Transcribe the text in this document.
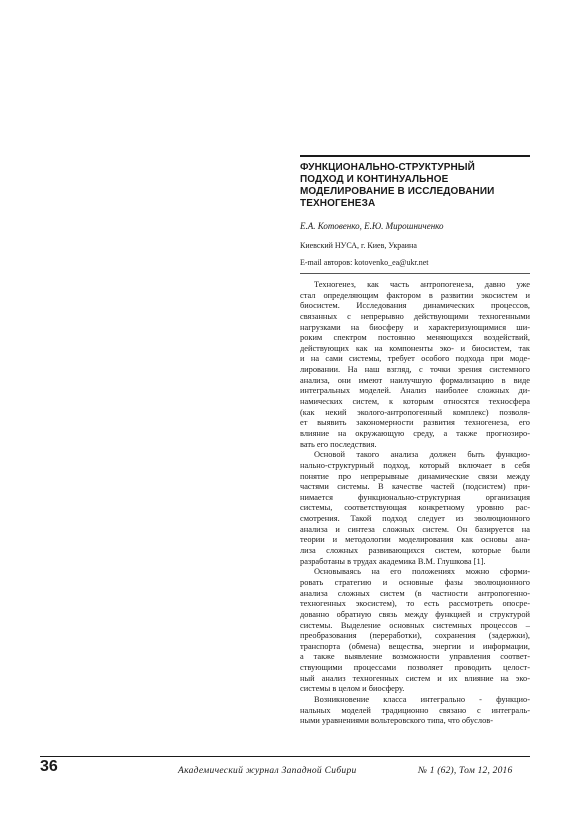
ФУНКЦИОНАЛЬНО-СТРУКТУРНЫЙ
ПОДХОД И КОНТИНУАЛЬНОЕ
МОДЕЛИРОВАНИЕ В ИССЛЕДОВАНИИ
ТЕХНОГЕНЕЗА
Е.А. Котовенко, Е.Ю. Мирошниченко
Киевский НУСА, г. Киев, Украина
E-mail авторов: kotovenko_ea@ukr.net

Техногенез, как часть антропогенеза, давно уже
стал определяющим фактором в развитии экосистем и
биосистем. Исследования динамических процессов,
связанных с непрерывно действующими техногенными
нагрузками на биосферу и характеризующимися ши-
роким спектром постоянно меняющихся воздействий,
действующих как на компоненты эко- и биосистем, так
и на сами системы, требует особого подхода при моде-
лировании. На наш взгляд, с точки зрения системного
анализа, они имеют наилучшую формализацию в виде
интегральных моделей. Анализ наиболее сложных ди-
намических систем, к которым относятся техносфера
(как некий эколого-антропогенный комплекс) позволя-
ет выявить закономерности развития техногенеза, его
влияние на окружающую среду, а также прогнозиро-
вать его последствия.

Основой такого анализа должен быть функцио-
нально-структурный подход, который включает в себя
понятие про непрерывные динамические связи между
частями системы. В качестве частей (подсистем) при-
нимается функционально-структурная организация
системы, соответствующая конкретному уровню рас-
смотрения. Такой подход следует из эволюционного
анализа и синтеза сложных систем. Он базируется на
теории и методологии моделирования как основы ана-
лиза сложных развивающихся систем, которые были
разработаны в трудах академика В.М. Глушкова [1].

Основываясь на его положениях можно сформи-
ровать стратегию и основные фазы эволюционного
анализа сложных систем (в частности антропогенно-
техногенных экосистем), то есть рассмотреть опосре-
дованно обратную связь между функцией и структурой
системы. Выделение основных системных процессов –
преобразования (переработки), сохранения (задержки),
транспорта (обмена) вещества, энергии и информации,
а также выявление возможности управления соответ-
ствующими процессами позволяет проводить целост-
ный анализ техногенных систем и их влияние на эко-
системы в целом и биосферу.

Возникновение класса интегрально - функцио-
нальных моделей традиционно связано с интеграль-
ными уравнениями вольтеровского типа, что обуслов-

36	Академический журнал Западной Сибири	№ 1 (62), Том 12, 2016
